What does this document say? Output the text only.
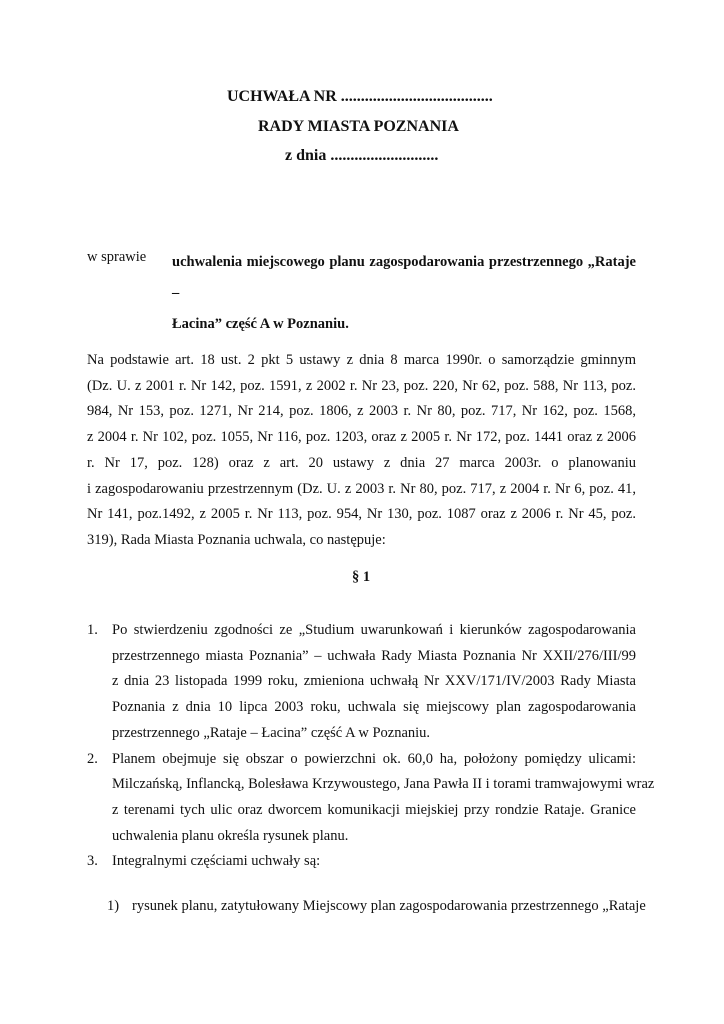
UCHWAŁA NR ......................................
RADY MIASTA POZNANIA
z dnia ...........................
w sprawie uchwalenia miejscowego planu zagospodarowania przestrzennego „Rataje –
Łacina” część A w Poznaniu.
Na podstawie art. 18 ust. 2 pkt 5 ustawy z dnia 8 marca 1990r. o samorządzie gminnym
(Dz. U. z 2001 r. Nr 142, poz. 1591, z 2002 r. Nr 23, poz. 220, Nr 62, poz. 588, Nr 113, poz.
984, Nr 153, poz. 1271, Nr 214, poz. 1806, z 2003 r. Nr 80, poz. 717, Nr 162, poz. 1568,
z 2004 r. Nr 102, poz. 1055, Nr 116, poz. 1203, oraz z 2005 r. Nr 172, poz. 1441 oraz z 2006
r. Nr 17, poz. 128) oraz z art. 20 ustawy z dnia 27 marca 2003r. o planowaniu
i zagospodarowaniu przestrzennym (Dz. U. z 2003 r. Nr 80, poz. 717, z 2004 r. Nr 6, poz. 41,
Nr 141, poz.1492, z 2005 r. Nr 113, poz. 954, Nr 130, poz. 1087 oraz z 2006 r. Nr 45, poz.
319), Rada Miasta Poznania uchwala, co następuje:
§ 1
1. Po stwierdzeniu zgodności ze „Studium uwarunkowań i kierunków zagospodarowania
przestrzennego miasta Poznania” – uchwała Rady Miasta Poznania Nr XXII/276/III/99
z dnia 23 listopada 1999 roku, zmieniona uchwałą Nr XXV/171/IV/2003 Rady Miasta
Poznania z dnia 10 lipca 2003 roku, uchwala się miejscowy plan zagospodarowania
przestrzennego „Rataje – Łacina” część A w Poznaniu.
2. Planem obejmuje się obszar o powierzchni ok. 60,0 ha, położony pomiędzy ulicami:
Milczańską, Inflancką, Bolesława Krzywoustego, Jana Pawła II i torami tramwajowymi wraz
z terenami tych ulic oraz dworcem komunikacji miejskiej przy rondzie Rataje. Granice
uchwalenia planu określa rysunek planu.
3. Integralnymi częściami uchwały są:
1) rysunek planu, zatytułowany Miejscowy plan zagospodarowania przestrzennego „Rataje
